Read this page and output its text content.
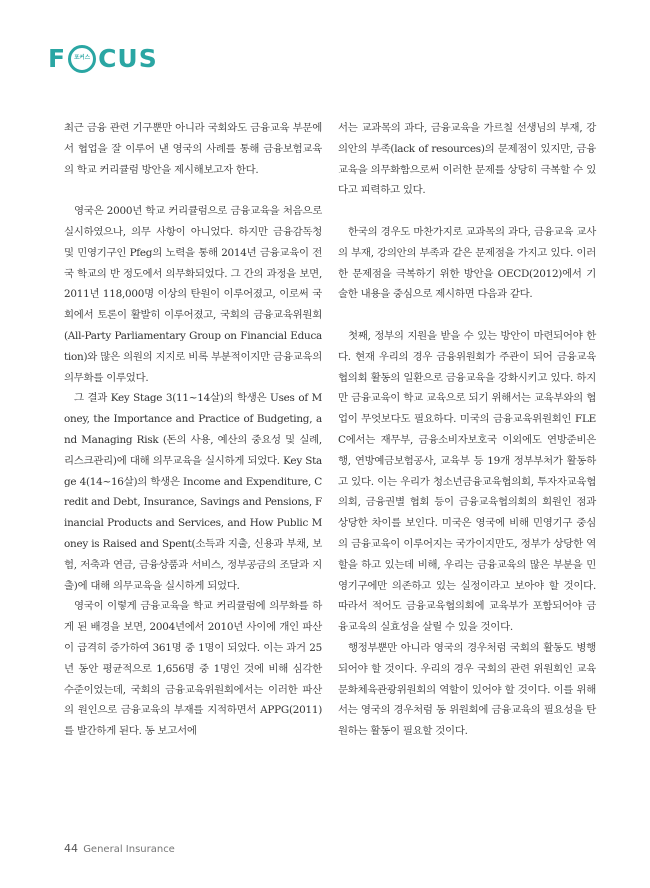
F 포커스 CUS

최근 금융 관련 기구뿐만 아니라 국회와도 금융교육 부문에서 협업을 잘 이루어 낸 영국의 사례를 통해 금융보험교육의 학교 커리큘럼 방안을 제시해보고자 한다.

영국은 2000년 학교 커리큘럼으로 금융교육을 처음으로 실시하였으나, 의무 사항이 아니었다. 하지만 금융감독청 및 민영기구인 Pfeg의 노력을 통해 2014년 금융교육이 전국 학교의 반 정도에서 의무화되었다. 그 간의 과정을 보면, 2011년 118,000명 이상의 탄원이 이루어졌고, 이로써 국회에서 토론이 활발히 이루어졌고, 국회의 금융교육위원회(All-Party Parliamentary Group on Financial Education)와 많은 의원의 지지로 비록 부분적이지만 금융교육의 의무화를 이루었다.

그 결과 Key Stage 3(11~14살)의 학생은 Uses of Money, the Importance and Practice of Budgeting, and Managing Risk (돈의 사용, 예산의 중요성 및 실례, 리스크관리)에 대해 의무교육을 실시하게 되었다. Key Stage 4(14~16살)의 학생은 Income and Expenditure, Credit and Debt, Insurance, Savings and Pensions, Financial Products and Services, and How Public Money is Raised and Spent(소득과 지출, 신용과 부채, 보험, 저축과 연금, 금융상품과 서비스, 정부공금의 조달과 지출)에 대해 의무교육을 실시하게 되었다.

영국이 이렇게 금융교육을 학교 커리큘럼에 의무화를 하게 된 배경을 보면, 2004년에서 2010년 사이에 개인 파산이 급격히 증가하여 361명 중 1명이 되었다. 이는 과거 25년 동안 평균적으로 1,656명 중 1명인 것에 비해 심각한 수준이었는데, 국회의 금융교육위원회에서는 이러한 파산의 원인으로 금융교육의 부재를 지적하면서 APPG(2011)를 발간하게 된다. 동 보고서에

서는 교과목의 과다, 금융교육을 가르칠 선생님의 부재, 강의안의 부족(lack of resources)의 문제점이 있지만, 금융교육을 의무화함으로써 이러한 문제를 상당히 극복할 수 있다고 피력하고 있다.

한국의 경우도 마찬가지로 교과목의 과다, 금융교육 교사의 부재, 강의안의 부족과 같은 문제점을 가지고 있다. 이러한 문제점을 극복하기 위한 방안을 OECD(2012)에서 기술한 내용을 중심으로 제시하면 다음과 같다.

첫째, 정부의 지원을 받을 수 있는 방안이 마련되어야 한다. 현재 우리의 경우 금융위원회가 주관이 되어 금융교육협의회 활동의 일환으로 금융교육을 강화시키고 있다. 하지만 금융교육이 학교 교육으로 되기 위해서는 교육부와의 협업이 무엇보다도 필요하다. 미국의 금융교육위원회인 FLEC에서는 재무부, 금융소비자보호국 이외에도 연방준비은행, 연방예금보험공사, 교육부 등 19개 정부부처가 활동하고 있다. 이는 우리가 청소년금융교육협의회, 투자자교육협의회, 금융권별 협회 등이 금융교육협의회의 회원인 점과 상당한 차이를 보인다. 미국은 영국에 비해 민영기구 중심의 금융교육이 이루어지는 국가이지만도, 정부가 상당한 역할을 하고 있는데 비해, 우리는 금융교육의 많은 부분을 민영기구에만 의존하고 있는 실정이라고 보아야 할 것이다. 따라서 적어도 금융교육협의회에 교육부가 포함되어야 금융교육의 실효성을 살릴 수 있을 것이다.

행정부뿐만 아니라 영국의 경우처럼 국회의 활동도 병행되어야 할 것이다. 우리의 경우 국회의 관련 위원회인 교육문화체육관광위원회의 역할이 있어야 할 것이다. 이를 위해서는 영국의 경우처럼 동 위원회에 금융교육의 필요성을 탄원하는 활동이 필요할 것이다.

44 General Insurance
